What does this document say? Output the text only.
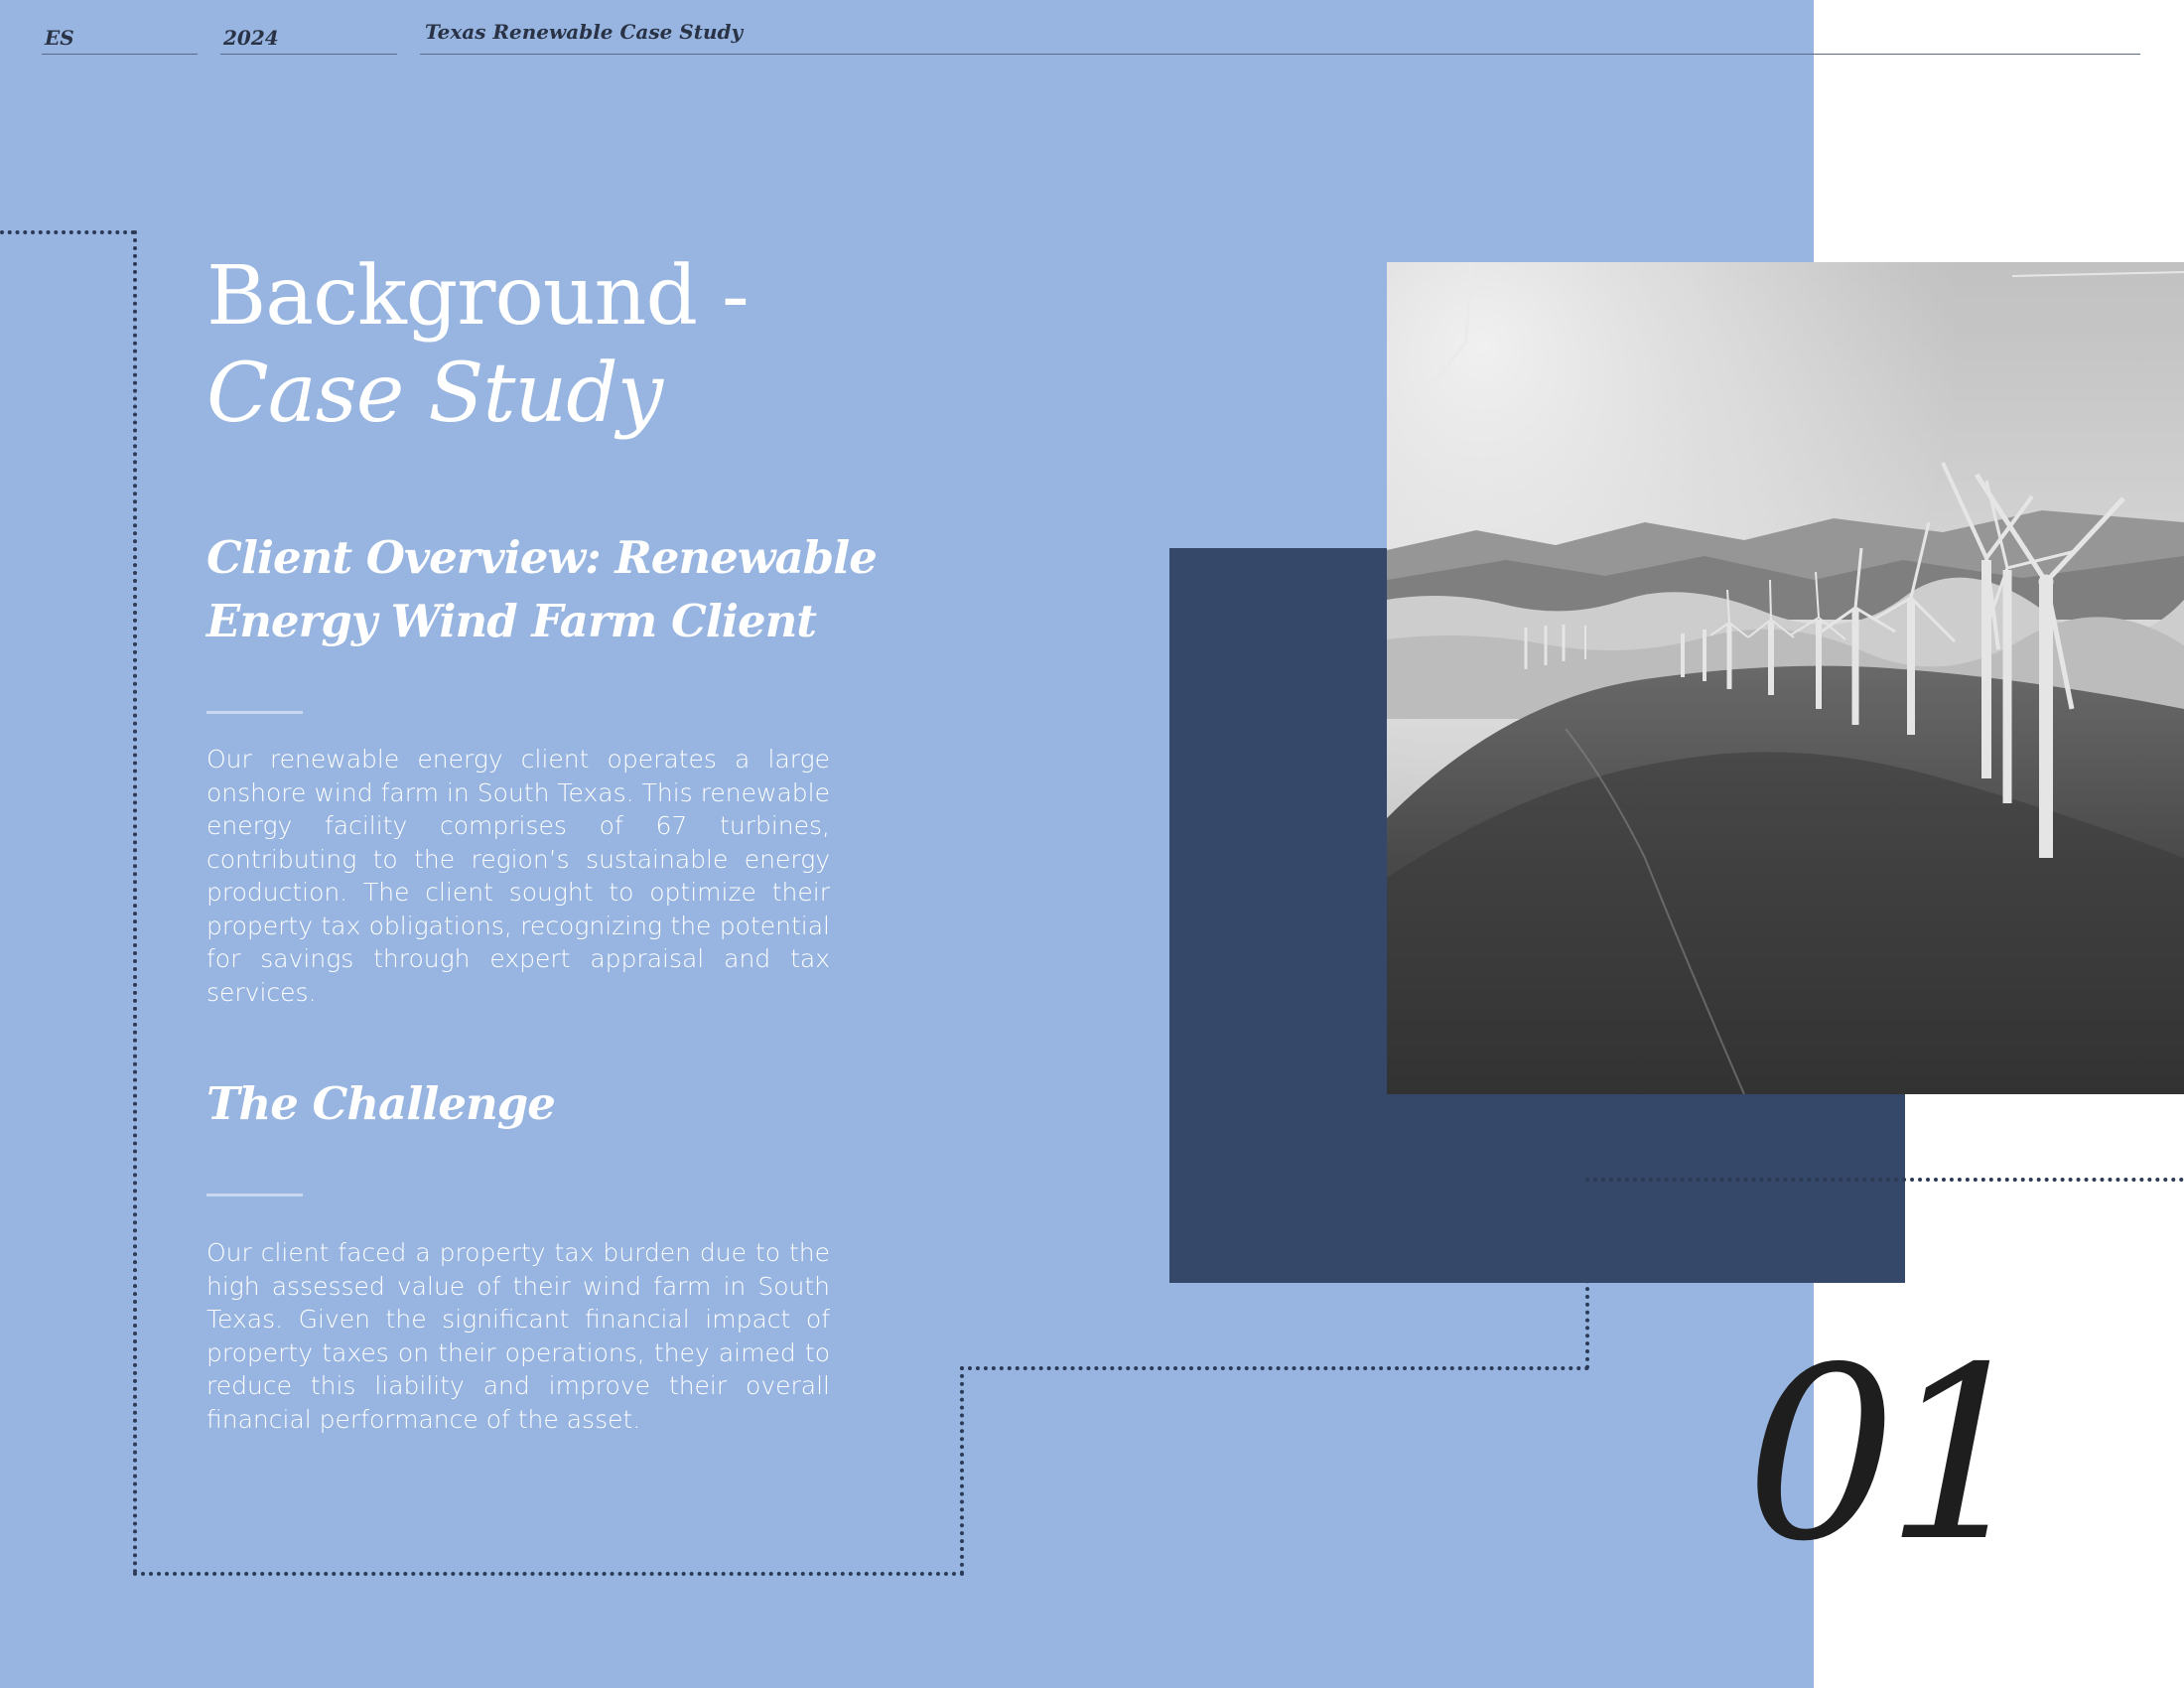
ES	2024	Texas Renewable Case Study
Background -
Case Study
Client Overview: Renewable
Energy Wind Farm Client
Our renewable energy client operates a large onshore wind farm in South Texas. This renewable energy facility comprises of 67 turbines, contributing to the region’s sustainable energy production. The client sought to optimize their property tax obligations, recognizing the potential for savings through expert appraisal and tax services.
The Challenge
Our client faced a property tax burden due to the high assessed value of their wind farm in South Texas. Given the significant financial impact of property taxes on their operations, they aimed to reduce this liability and improve their overall financial performance of the asset.	01
